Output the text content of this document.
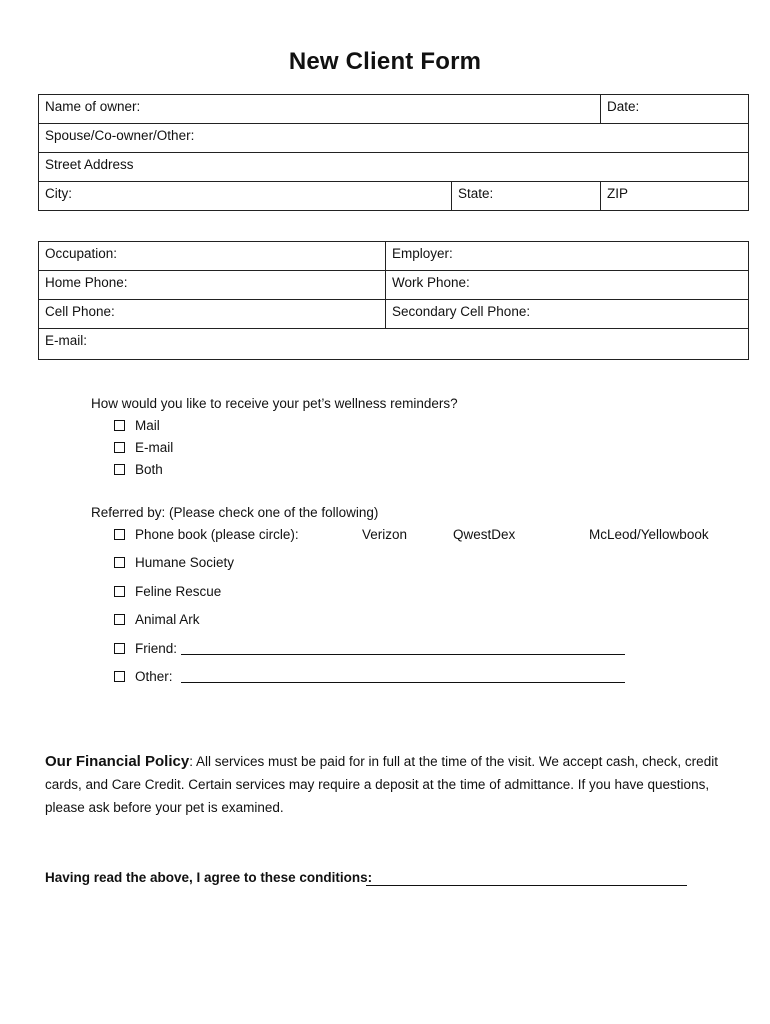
New Client Form
Name of owner:		Date:
Spouse/Co-owner/Other:		
Street Address		
City:	State:	ZIP
Occupation:	Employer:
Home Phone:	Work Phone:
Cell Phone:	Secondary Cell Phone:
E-mail:	
How would you like to receive your pet’s wellness reminders?
Mail
E-mail
Both
Referred by: (Please check one of the following)
Phone book (please circle):	Verizon	QwestDex	McLeod/Yellowbook
Humane Society
Feline Rescue
Animal Ark
Friend:
Other:
Our Financial Policy: All services must be paid for in full at the time of the visit. We accept cash, check, credit cards, and Care Credit. Certain services may require a deposit at the time of admittance. If you have questions, please ask before your pet is examined.
Having read the above, I agree to these conditions:
